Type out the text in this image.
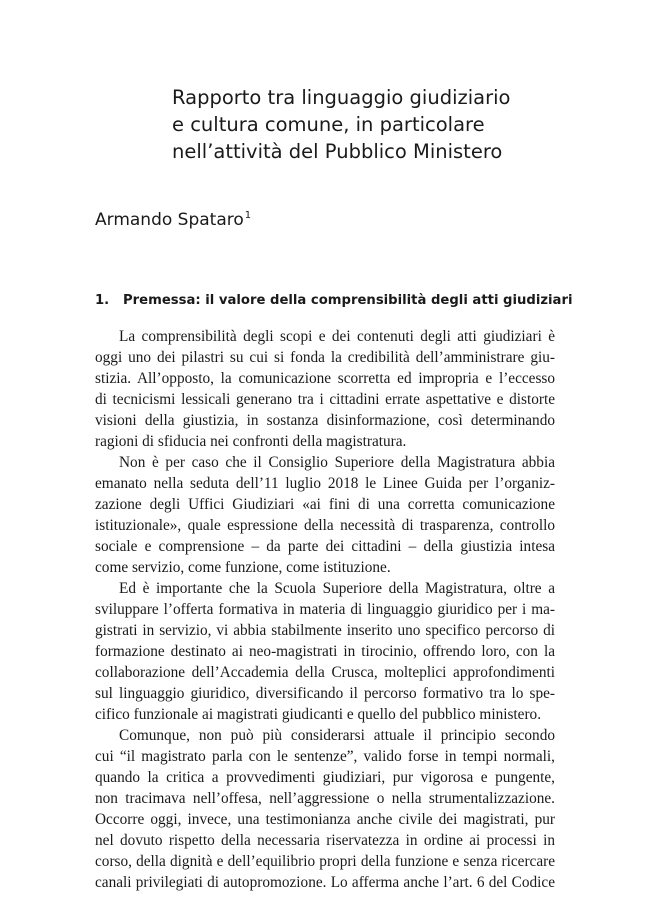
Rapporto tra linguaggio giudiziario
e cultura comune, in particolare
nell’attività del Pubblico Ministero
Armando Spataro$^1$
1. Premessa: il valore della comprensibilità degli atti giudiziari
La comprensibilità degli scopi e dei contenuti degli atti giudiziari è
oggi uno dei pilastri su cui si fonda la credibilità dell’amministrare giu-
stizia. All’opposto, la comunicazione scorretta ed impropria e l’eccesso
di tecnicismi lessicali generano tra i cittadini errate aspettative e distorte
visioni della giustizia, in sostanza disinformazione, così determinando
ragioni di sfiducia nei confronti della magistratura.
Non è per caso che il Consiglio Superiore della Magistratura abbia
emanato nella seduta dell’11 luglio 2018 le Linee Guida per l’organiz-
zazione degli Uffici Giudiziari «ai fini di una corretta comunicazione
istituzionale», quale espressione della necessità di trasparenza, controllo
sociale e comprensione – da parte dei cittadini – della giustizia intesa
come servizio, come funzione, come istituzione.
Ed è importante che la Scuola Superiore della Magistratura, oltre a
sviluppare l’offerta formativa in materia di linguaggio giuridico per i ma-
gistrati in servizio, vi abbia stabilmente inserito uno specifico percorso di
formazione destinato ai neo-magistrati in tirocinio, offrendo loro, con la
collaborazione dell’Accademia della Crusca, molteplici approfondimenti
sul linguaggio giuridico, diversificando il percorso formativo tra lo spe-
cifico funzionale ai magistrati giudicanti e quello del pubblico ministero.
Comunque, non può più considerarsi attuale il principio secondo
cui “il magistrato parla con le sentenze”, valido forse in tempi normali,
quando la critica a provvedimenti giudiziari, pur vigorosa e pungente,
non tracimava nell’offesa, nell’aggressione o nella strumentalizzazione.
Occorre oggi, invece, una testimonianza anche civile dei magistrati, pur
nel dovuto rispetto della necessaria riservatezza in ordine ai processi in
corso, della dignità e dell’equilibrio propri della funzione e senza ricercare
canali privilegiati di autopromozione. Lo afferma anche l’art. 6 del Codice
